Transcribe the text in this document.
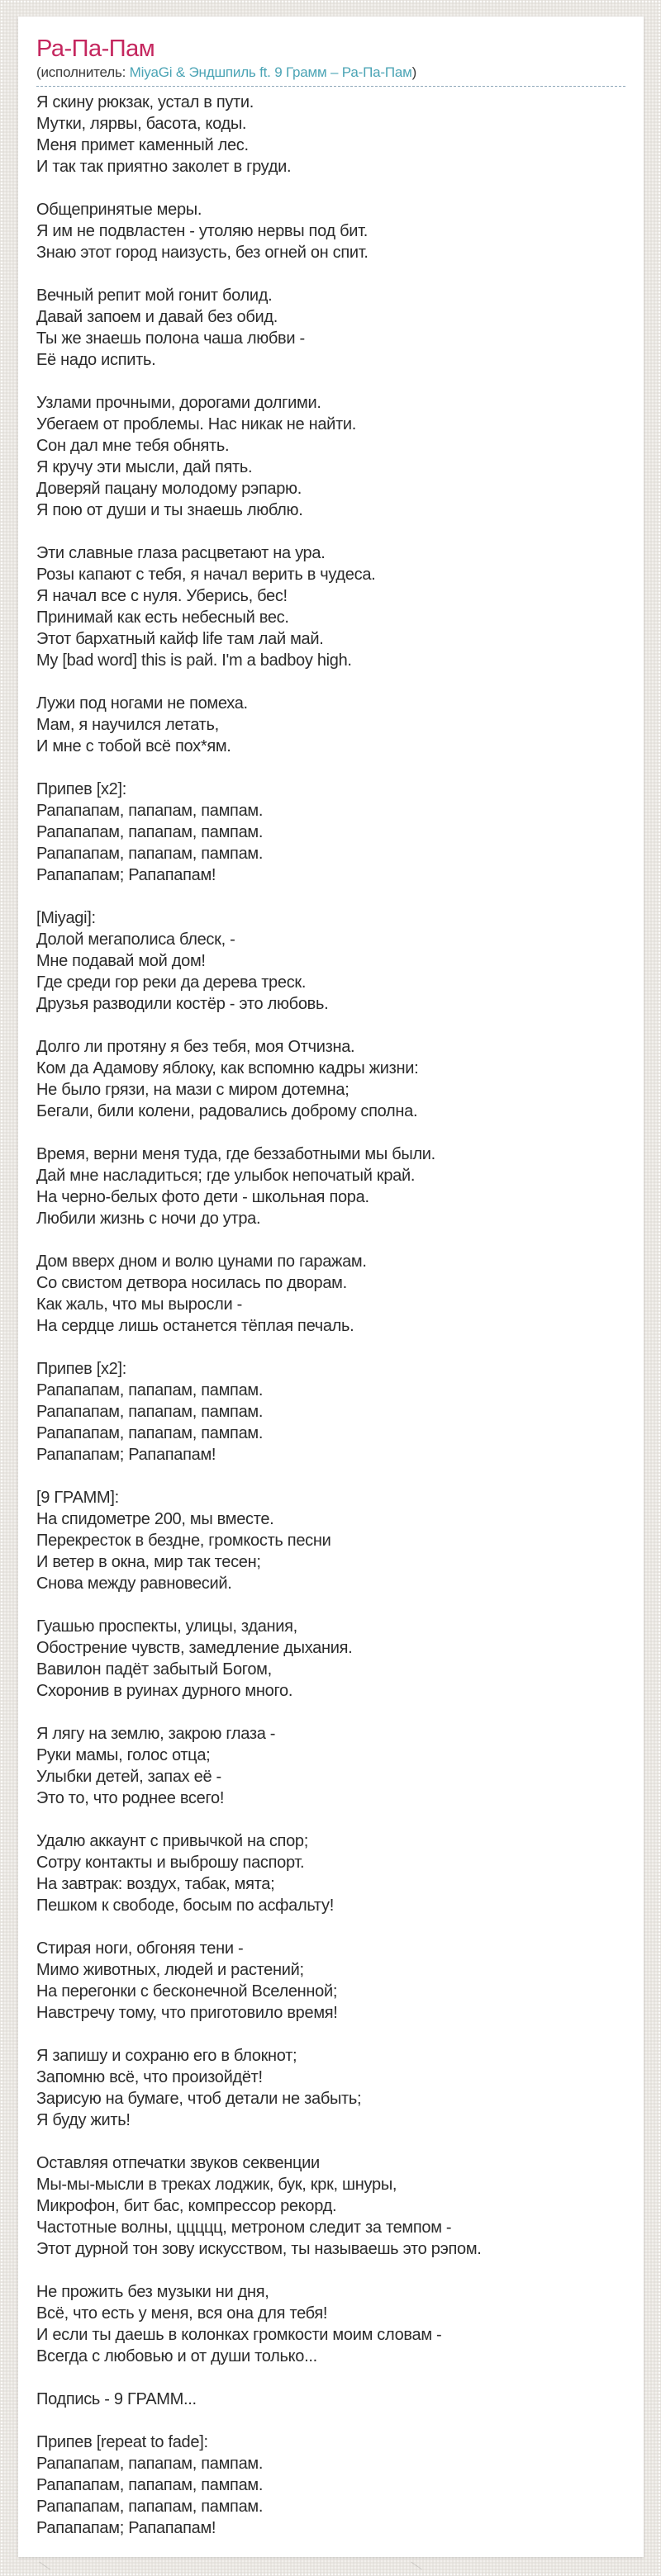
Ра-Па-Пам
(исполнитель: MiyaGi & Эндшпиль ft. 9 Грамм – Ра-Па-Пам)
Я скину рюкзак, устал в пути.
Мутки, лярвы, басота, коды.
Меня примет каменный лес.
И так так приятно заколет в груди.
Общепринятые меры.
Я им не подвластен - утоляю нервы под бит.
Знаю этот город наизусть, без огней он спит.
Вечный репит мой гонит болид.
Давай запоем и давай без обид.
Ты же знаешь полона чаша любви -
Её надо испить.
Узлами прочными, дорогами долгими.
Убегаем от проблемы. Нас никак не найти.
Сон дал мне тебя обнять.
Я кручу эти мысли, дай пять.
Доверяй пацану молодому рэпарю.
Я пою от души и ты знаешь люблю.
Эти славные глаза расцветают на ура.
Розы капают с тебя, я начал верить в чудеса.
Я начал все с нуля. Уберись, бес!
Принимай как есть небесный вес.
Этот бархатный кайф life там лай май.
My [bad word] this is рай. I'm a badboy high.
Лужи под ногами не помеха.
Мам, я научился летать,
И мне с тобой всё пох*ям.
Припев [x2]:
Рапапапам, папапам, пампам.
Рапапапам, папапам, пампам.
Рапапапам, папапам, пампам.
Рапапапам; Рапапапам!
[Miyagi]:
Долой мегаполиса блеск, -
Мне подавай мой дом!
Где среди гор реки да дерева треск.
Друзья разводили костёр - это любовь.
Долго ли протяну я без тебя, моя Отчизна.
Ком да Адамову яблоку, как вспомню кадры жизни:
Не было грязи, на мази с миром дотемна;
Бегали, били колени, радовались доброму сполна.
Время, верни меня туда, где беззаботными мы были.
Дай мне насладиться; где улыбок непочатый край.
На черно-белых фото дети - школьная пора.
Любили жизнь с ночи до утра.
Дом вверх дном и волю цунами по гаражам.
Со свистом детвора носилась по дворам.
Как жаль, что мы выросли -
На сердце лишь останется тёплая печаль.
Припев [x2]:
Рапапапам, папапам, пампам.
Рапапапам, папапам, пампам.
Рапапапам, папапам, пампам.
Рапапапам; Рапапапам!
[9 ГРАММ]:
На спидометре 200, мы вместе.
Перекресток в бездне, громкость песни
И ветер в окна, мир так тесен;
Снова между равновесий.
Гуашью проспекты, улицы, здания,
Обострение чувств, замедление дыхания.
Вавилон падёт забытый Богом,
Схоронив в руинах дурного много.
Я лягу на землю, закрою глаза -
Руки мамы, голос отца;
Улыбки детей, запах её -
Это то, что роднее всего!
Удалю аккаунт с привычкой на спор;
Сотру контакты и выброшу паспорт.
На завтрак: воздух, табак, мята;
Пешком к свободе, босым по асфальту!
Стирая ноги, обгоняя тени -
Мимо животных, людей и растений;
На перегонки с бесконечной Вселенной;
Навстречу тому, что приготовило время!
Я запишу и сохраню его в блокнот;
Запомню всё, что произойдёт!
Зарисую на бумаге, чтоб детали не забыть;
Я буду жить!
Оставляя отпечатки звуков секвенции
Мы-мы-мысли в треках лоджик, бук, крк, шнуры,
Микрофон, бит бас, компрессор рекорд.
Частотные волны, ццццц, метроном следит за темпом -
Этот дурной тон зову искусством, ты называешь это рэпом.
Не прожить без музыки ни дня,
Всё, что есть у меня, вся она для тебя!
И если ты даешь в колонках громкости моим словам -
Всегда с любовью и от души только...
Подпись - 9 ГРАММ...
Припев [repeat to fade]:
Рапапапам, папапам, пампам.
Рапапапам, папапам, пампам.
Рапапапам, папапам, пампам.
Рапапапам; Рапапапам!
